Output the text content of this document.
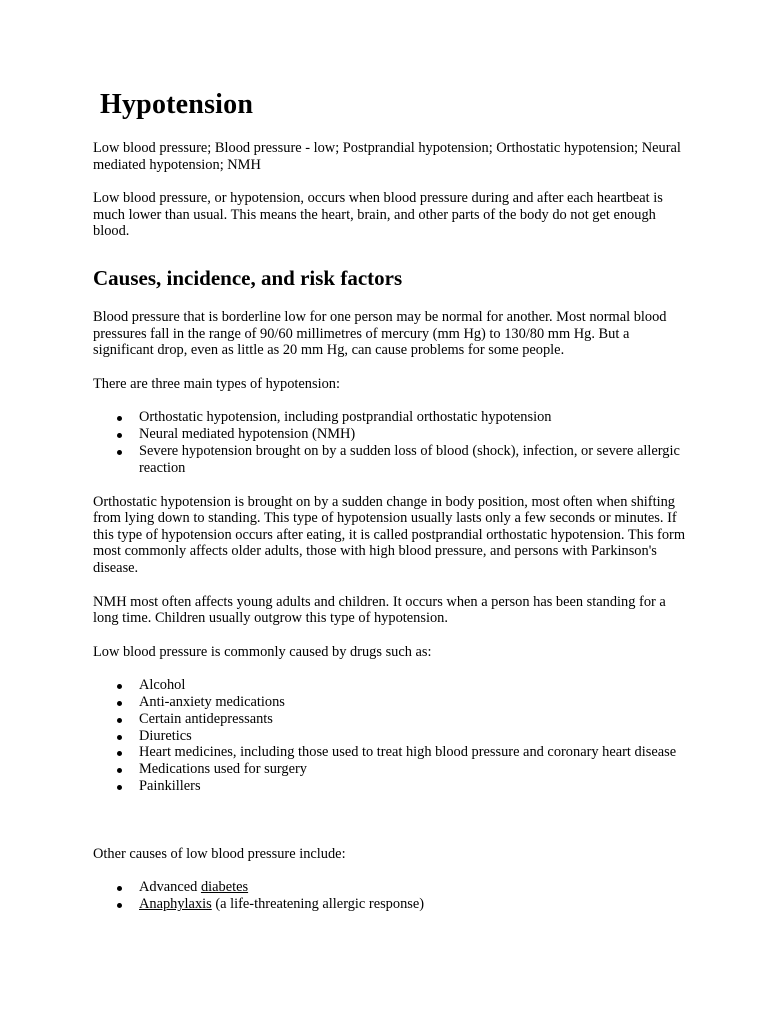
Hypotension

Low blood pressure; Blood pressure - low; Postprandial hypotension; Orthostatic hypotension; Neural mediated hypotension; NMH

Low blood pressure, or hypotension, occurs when blood pressure during and after each heartbeat is much lower than usual. This means the heart, brain, and other parts of the body do not get enough blood.

Causes, incidence, and risk factors

Blood pressure that is borderline low for one person may be normal for another. Most normal blood pressures fall in the range of 90/60 millimetres of mercury (mm Hg) to 130/80 mm Hg. But a significant drop, even as little as 20 mm Hg, can cause problems for some people.

There are three main types of hypotension:

Orthostatic hypotension, including postprandial orthostatic hypotension
Neural mediated hypotension (NMH)
Severe hypotension brought on by a sudden loss of blood (shock), infection, or severe allergic reaction

Orthostatic hypotension is brought on by a sudden change in body position, most often when shifting from lying down to standing. This type of hypotension usually lasts only a few seconds or minutes. If this type of hypotension occurs after eating, it is called postprandial orthostatic hypotension. This form most commonly affects older adults, those with high blood pressure, and persons with Parkinson's disease.

NMH most often affects young adults and children. It occurs when a person has been standing for a long time. Children usually outgrow this type of hypotension.

Low blood pressure is commonly caused by drugs such as:

Alcohol
Anti-anxiety medications
Certain antidepressants
Diuretics
Heart medicines, including those used to treat high blood pressure and coronary heart disease
Medications used for surgery
Painkillers

Other causes of low blood pressure include:

Advanced diabetes
Anaphylaxis (a life-threatening allergic response)
